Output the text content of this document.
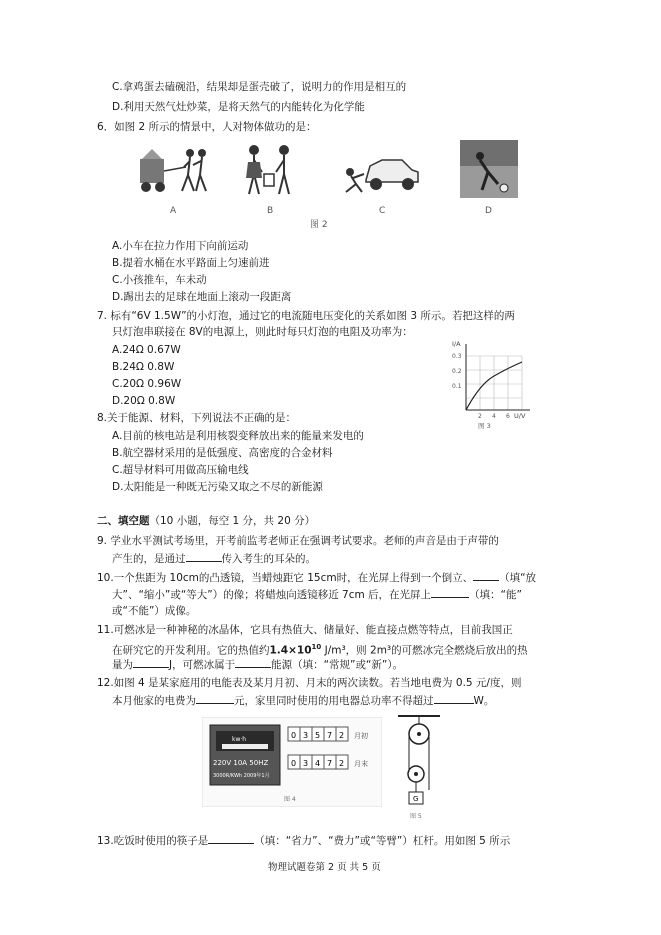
C.拿鸡蛋去磕碗沿，结果却是蛋壳破了，说明力的作用是相互的
D.利用天然气灶炒菜，是将天然气的内能转化为化学能
6．如图 2 所示的情景中，人对物体做功的是：
A	B	C	D
图 2
A.小车在拉力作用下向前运动
B.提着水桶在水平路面上匀速前进
C.小孩推车，车未动
D.踢出去的足球在地面上滚动一段距离
7. 标有“6V 1.5W”的小灯泡，通过它的电流随电压变化的关系如图 3 所示。若把这样的两
只灯泡串联接在 8V的电源上，则此时每只灯泡的电阻及功率为：
A.24Ω 0.67W
B.24Ω 0.8W
C.20Ω 0.96W
D.20Ω 0.8W
I/A
U/V
0.3
0.2
0.1
2 4 6
图 3
8.关于能源、材料，下列说法不正确的是：
A.目前的核电站是利用核裂变释放出来的能量来发电的
B.航空器材采用的是低强度、高密度的合金材料
C.超导材料可用做高压输电线
D.太阳能是一种既无污染又取之不尽的新能源
二、填空题（10 小题，每空 1 分，共 20 分）
9. 学业水平测试考场里，开考前监考老师正在强调考试要求。老师的声音是由于声带的
产生的，是通过	传入考生的耳朵的。
10.一个焦距为 10cm的凸透镜，当蜡烛距它 15cm时，在光屏上得到一个倒立、 （填“放
大”、“缩小”或“等大”）的像；将蜡烛向透镜移近 7cm 后，在光屏上	（填：“能”
或“不能”）成像。
11.可燃冰是一种神秘的冰晶体，它具有热值大、储量好、能直接点燃等特点，目前我国正
在研究它的开发利用。它的热值约$1.4\times 10^{10}$ J/m³，则 2m³的可燃冰完全燃烧后放出的热
量为	J，可燃冰属于	能源（填：“常规”或“新”）。
12.如图 4 是某家庭用的电能表及某月月初、月末的两次读数。若当地电费为 0.5 元/度，则
本月他家的电费为	元，家里同时使用的用电器总功率不得超过	W。
kw·h
220V 10A 50HZ
3000R/KWh 2009年1月
0 3 5 7 2 月初
0 3 4 7 2 月末
图 4	G
图 5
13.吃饭时使用的筷子是	（填：“省力”、“费力”或“等臂”）杠杆。用如图 5 所示
物理试题卷第 2 页 共 5 页
